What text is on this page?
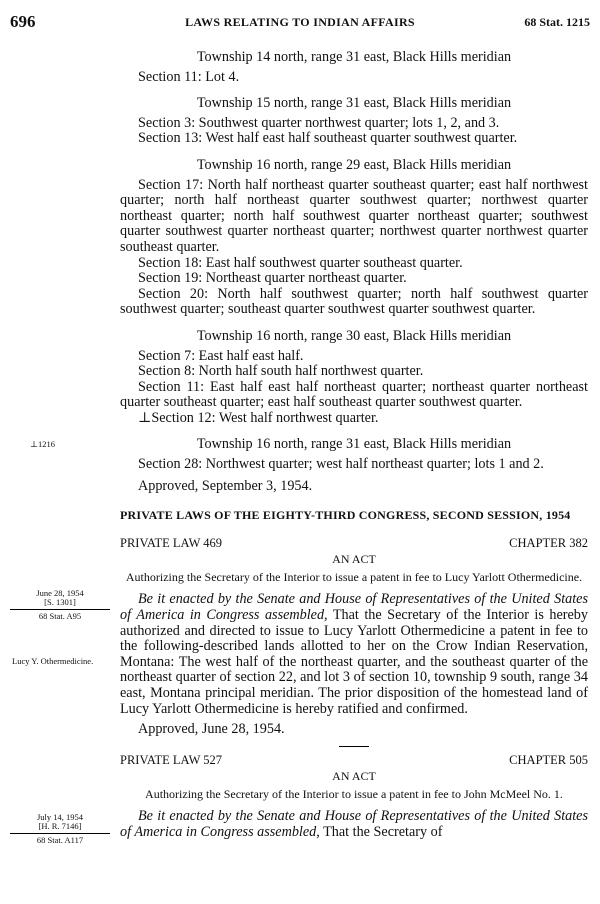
696	LAWS RELATING TO INDIAN AFFAIRS	68 Stat. 1215
⊥1216
June 28, 1954
[S. 1301]
68 Stat. A95
Lucy Y. Othermedicine.
July 14, 1954
[H. R. 7146]
68 Stat. A117

Township 14 north, range 31 east, Black Hills meridian

Section 11: Lot 4.

Township 15 north, range 31 east, Black Hills meridian

Section 3: Southwest quarter northwest quarter; lots 1, 2, and 3.

Section 13: West half east half southeast quarter southwest quarter.

Township 16 north, range 29 east, Black Hills meridian

Section 17: North half northeast quarter southeast quarter; east half northwest quarter; north half northeast quarter southwest quarter; northwest quarter northeast quarter; north half southwest quarter northeast quarter; southwest quarter southwest quarter northeast quarter; northwest quarter northwest quarter southeast quarter.

Section 18: East half southwest quarter southeast quarter.

Section 19: Northeast quarter northeast quarter.

Section 20: North half southwest quarter; north half southwest quarter southwest quarter; southeast quarter southwest quarter southwest quarter.

Township 16 north, range 30 east, Black Hills meridian

Section 7: East half east half.

Section 8: North half south half northwest quarter.

Section 11: East half east half northeast quarter; northeast quarter northeast quarter southeast quarter; east half southeast quarter southwest quarter.

⊥Section 12: West half northwest quarter.

Township 16 north, range 31 east, Black Hills meridian

Section 28: Northwest quarter; west half northeast quarter; lots 1 and 2.

Approved, September 3, 1954.

PRIVATE LAWS OF THE EIGHTY-THIRD CONGRESS, SECOND SESSION, 1954

PRIVATE LAW 469	CHAPTER 382

AN ACT

Authorizing the Secretary of the Interior to issue a patent in fee to Lucy Yarlott Othermedicine.

Be it enacted by the Senate and House of Representatives of the United States of America in Congress assembled, That the Secretary of the Interior is hereby authorized and directed to issue to Lucy Yarlott Othermedicine a patent in fee to the following-described lands allotted to her on the Crow Indian Reservation, Montana: The west half of the northeast quarter, and the southeast quarter of the northeast quarter of section 22, and lot 3 of section 10, township 9 south, range 34 east, Montana principal meridian. The prior disposition of the homestead land of Lucy Yarlott Othermedicine is hereby ratified and confirmed.

Approved, June 28, 1954.

PRIVATE LAW 527	CHAPTER 505

AN ACT

Authorizing the Secretary of the Interior to issue a patent in fee to John McMeel No. 1.

Be it enacted by the Senate and House of Representatives of the United States of America in Congress assembled, That the Secretary of
